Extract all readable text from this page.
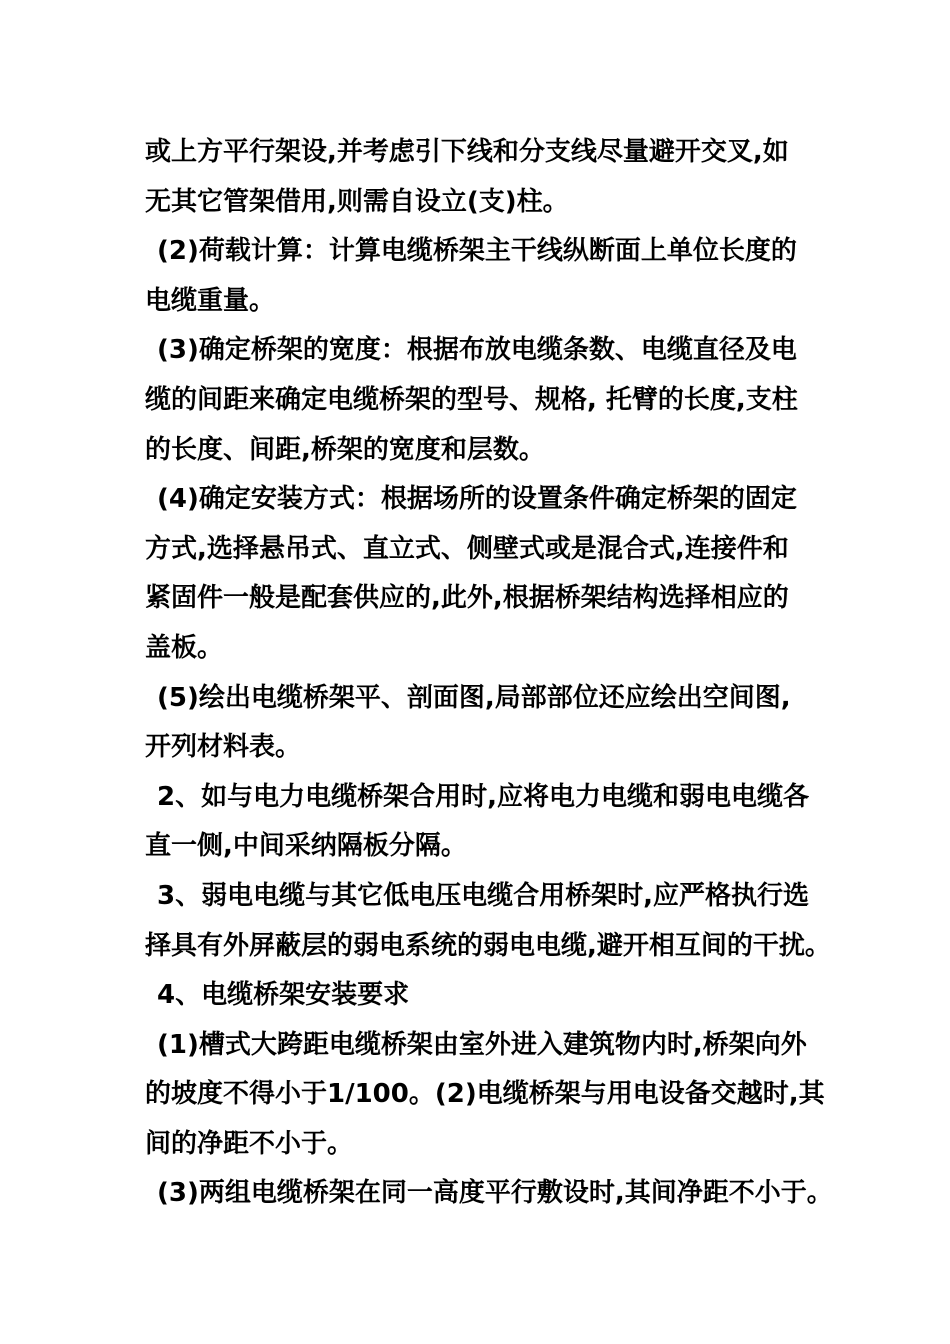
或上方平行架设,并考虑引下线和分支线尽量避开交叉,如
无其它管架借用,则需自设立(支)柱。
(2)荷载计算：计算电缆桥架主干线纵断面上单位长度的
电缆重量。
(3)确定桥架的宽度：根据布放电缆条数、电缆直径及电
缆的间距来确定电缆桥架的型号、规格, 托臂的长度,支柱
的长度、间距,桥架的宽度和层数。
(4)确定安装方式：根据场所的设置条件确定桥架的固定
方式,选择悬吊式、直立式、侧壁式或是混合式,连接件和
紧固件一般是配套供应的,此外,根据桥架结构选择相应的
盖板。
(5)绘出电缆桥架平、剖面图,局部部位还应绘出空间图,
开列材料表。
2、如与电力电缆桥架合用时,应将电力电缆和弱电电缆各
直一侧,中间采纳隔板分隔。
3、弱电电缆与其它低电压电缆合用桥架时,应严格执行选
择具有外屏蔽层的弱电系统的弱电电缆,避开相互间的干扰。
4、电缆桥架安装要求
(1)槽式大跨距电缆桥架由室外进入建筑物内时,桥架向外
的坡度不得小于1/100。(2)电缆桥架与用电设备交越时,其
间的净距不小于。
(3)两组电缆桥架在同一高度平行敷设时,其间净距不小于。
